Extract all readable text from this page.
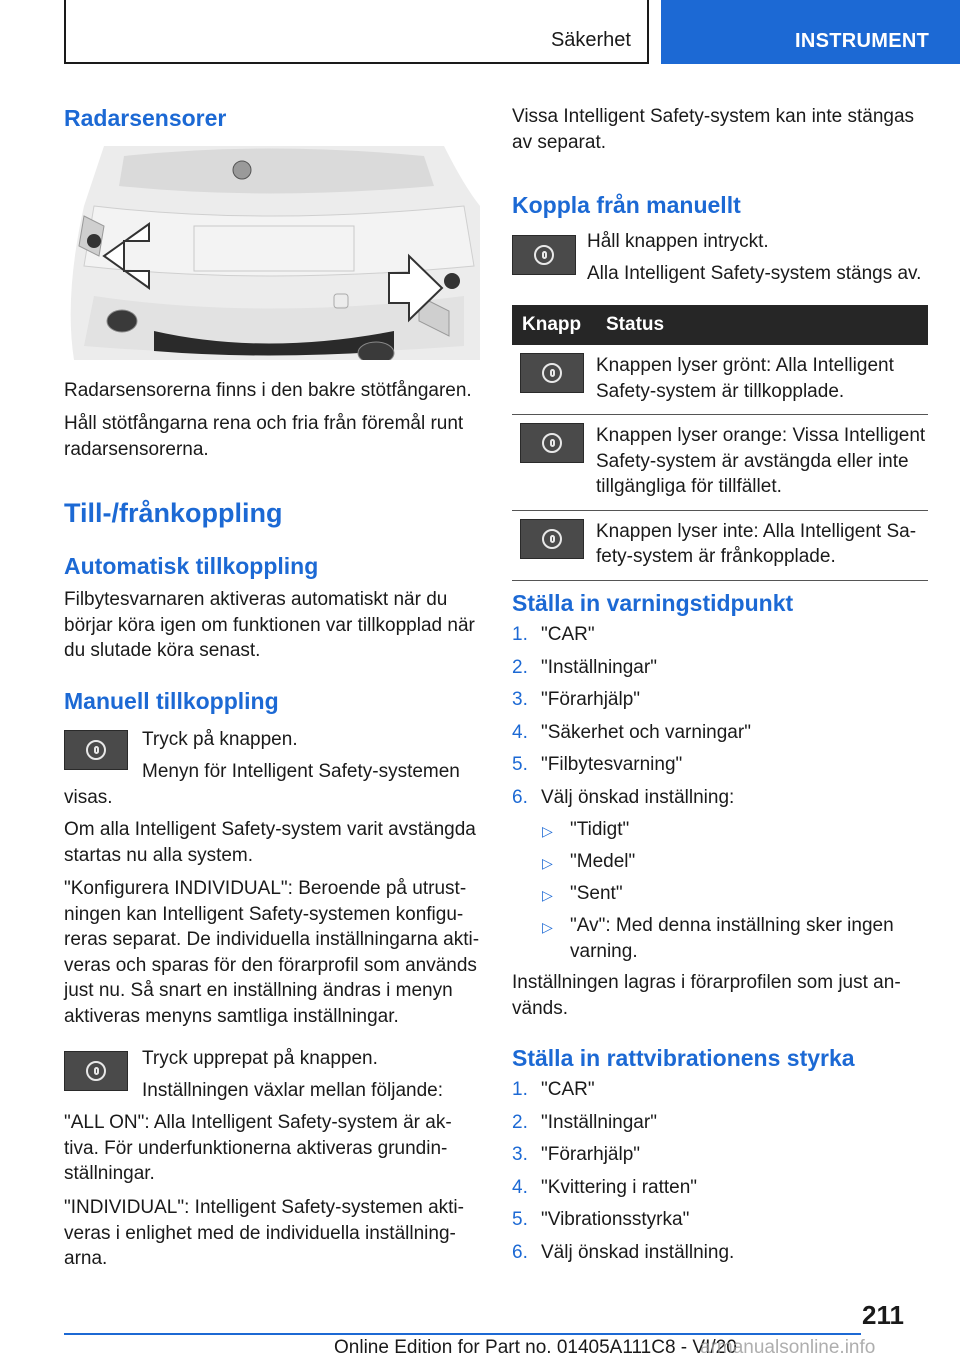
Säkerhet	INSTRUMENT
Radarsensorer
Radarsensorerna finns i den bakre stötfångaren.
Håll stötfångarna rena och fria från föremål runt radarsensorerna.
Till-/frånkoppling
Automatisk tillkoppling
Filbytesvarnaren aktiveras automatiskt när du börjar köra igen om funktionen var tillkopplad när du slutade köra senast.
Manuell tillkoppling
Tryck på knappen.
Menyn för Intelligent Safety-systemen visas.
Om alla Intelligent Safety-system varit avstängda startas nu alla system.
"Konfigurera INDIVIDUAL": Beroende på utrustningen kan Intelligent Safety-systemen konfigureras separat. De individuella inställningarna aktiveras och sparas för den förarprofil som används just nu. Så snart en inställning ändras i menyn aktiveras menyns samtliga inställningar.
Tryck upprepat på knappen.
Inställningen växlar mellan följande:
"ALL ON": Alla Intelligent Safety-system är aktiva. För underfunktionerna aktiveras grundinställningar.
"INDIVIDUAL": Intelligent Safety-systemen aktiveras i enlighet med de individuella inställningarna.
Vissa Intelligent Safety-system kan inte stängas av separat.
Koppla från manuellt
Håll knappen intryckt.
Alla Intelligent Safety-system stängs av.
Knapp	Status

	Knappen lyser grönt: Alla Intelligent Safety-system är tillkopplade.

	Knappen lyser orange: Vissa Intelligent Safety-system är avstängda eller inte tillgängliga för tillfället.

	Knappen lyser inte: Alla Intelligent Safety-system är frånkopplade.
Ställa in varningstidpunkt
1. "CAR"
2. "Inställningar"
3. "Förarhjälp"
4. "Säkerhet och varningar"
5. "Filbytesvarning"
6. Välj önskad inställning:
▷ "Tidigt"
▷ "Medel"
▷ "Sent"
▷ "Av": Med denna inställning sker ingen varning.
Inställningen lagras i förarprofilen som just används.
Ställa in rattvibrationens styrka
1. "CAR"
2. "Inställningar"
3. "Förarhjälp"
4. "Kvittering i ratten"
5. "Vibrationsstyrka"
6. Välj önskad inställning.
211
Online Edition for Part no. 01405A111C8 - VI/20
armanualsonline.info
